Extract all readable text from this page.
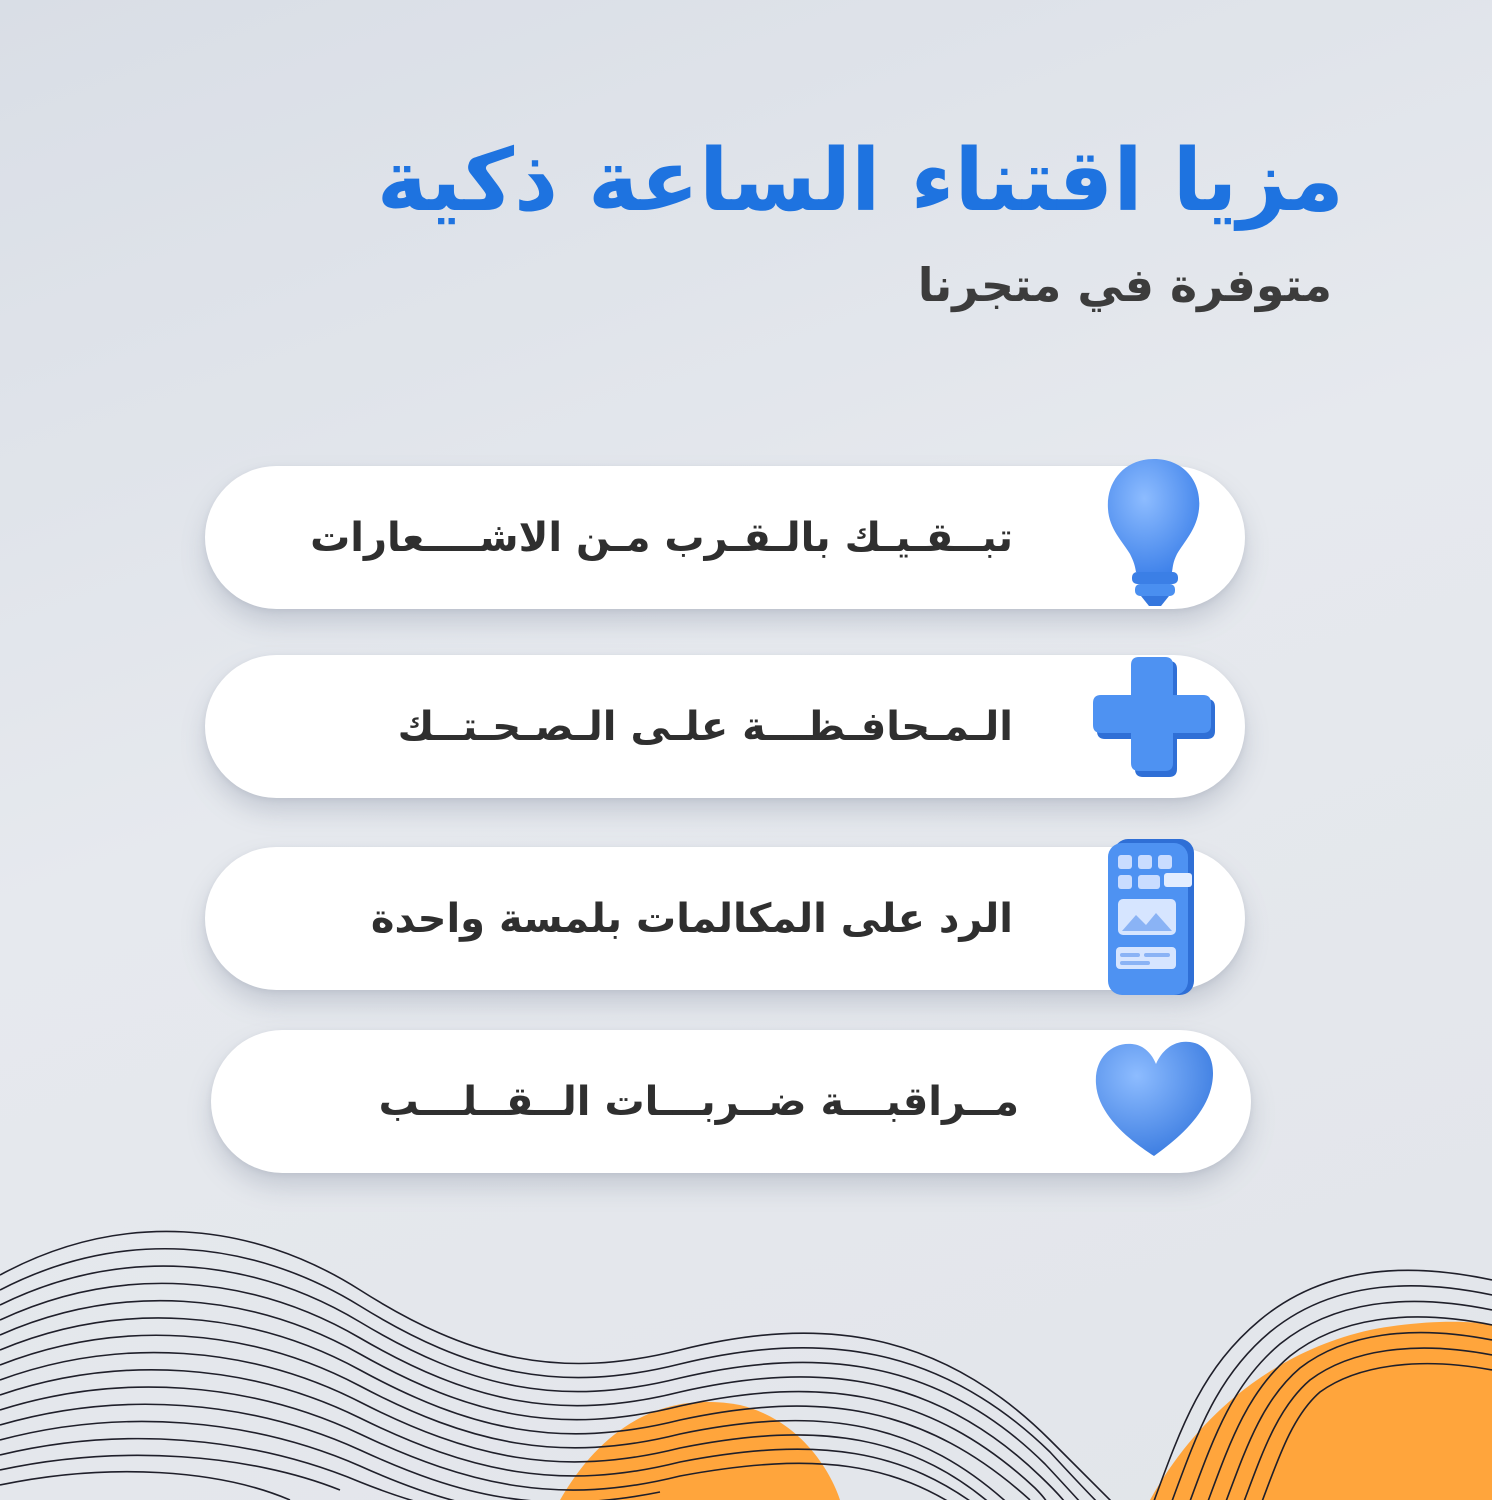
مزيا اقتناء الساعة ذكية
متوفرة في متجرنا
تبــقـيـك بالـقـرب مـن الاشــــعارات
الـمـحافـظـــة علـى الـصـحـتــك
الرد على المكالمات بلمسة واحدة
مــراقبـــة ضــربـــات الــقــلـــب
